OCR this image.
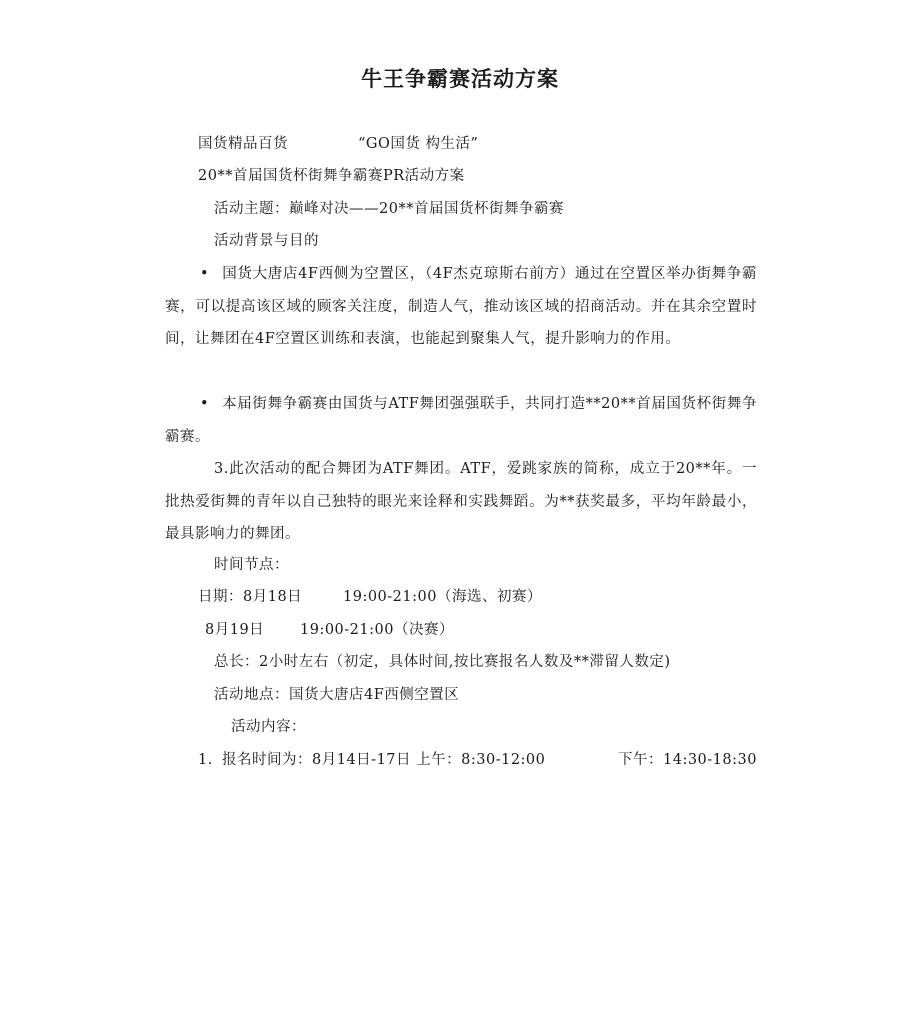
牛王争霸赛活动方案
国货精品百货	“GO国货 构生活”
20**首届国货杯街舞争霸赛PR活动方案
活动主题：巅峰对决——20**首届国货杯街舞争霸赛
活动背景与目的
• 国货大唐店4F西侧为空置区，（4F杰克琼斯右前方）通过在空置区举办街舞争霸赛，可以提高该区域的顾客关注度，制造人气，推动该区域的招商活动。并在其余空置时间，让舞团在4F空置区训练和表演，也能起到聚集人气，提升影响力的作用。
• 本届街舞争霸赛由国货与ATF舞团强强联手，共同打造**20**首届国货杯街舞争霸赛。
3.此次活动的配合舞团为ATF舞团。ATF，爱跳家族的简称，成立于20**年。一批热爱街舞的青年以自己独特的眼光来诠释和实践舞蹈。为**获奖最多，平均年龄最小，最具影响力的舞团。
时间节点：
日期：8月18日	19:00-21:00（海选、初赛）
8月19日 19:00-21:00（决赛）
总长：2小时左右（初定，具体时间,按比赛报名人数及**滞留人数定)
活动地点：国货大唐店4F西侧空置区
活动内容：
1. 报名时间为：8月14日-17日 上午：8:30-12:00	下午：14:30-18:30
